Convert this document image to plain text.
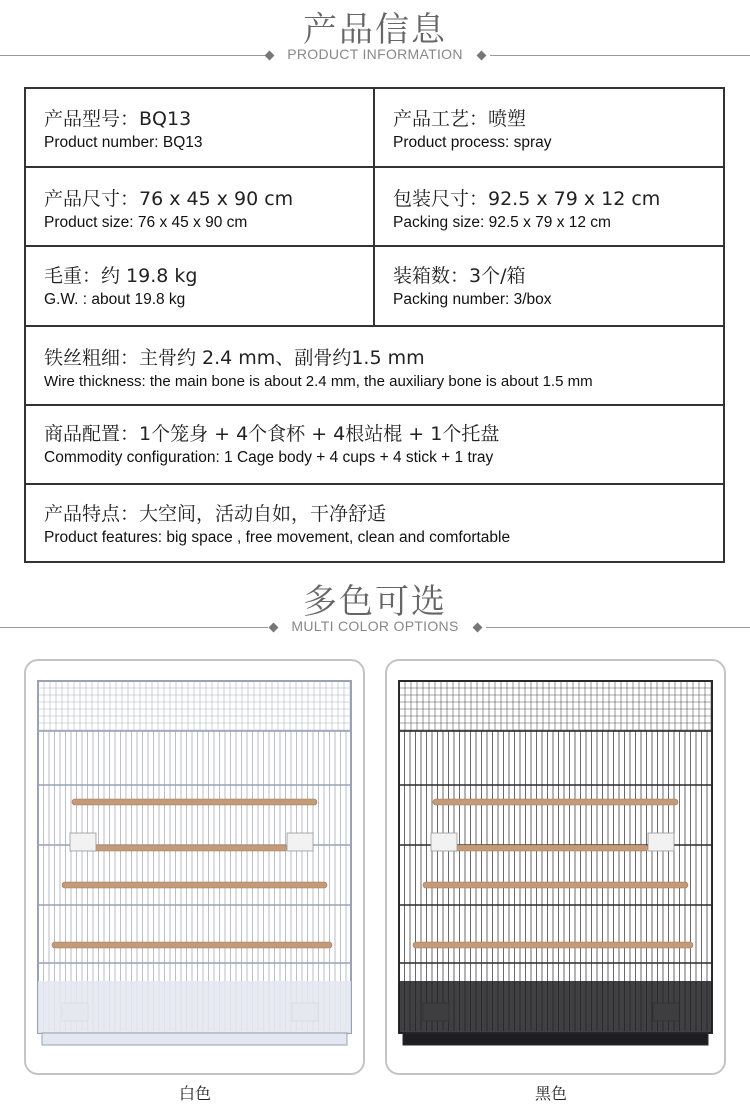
产品信息
PRODUCT INFORMATION
产品型号：BQ13
Product number: BQ13
产品工艺：喷塑
Product process: spray
产品尺寸：76 x 45 x 90 cm
Product size: 76 x 45 x 90 cm
包装尺寸：92.5 x 79 x 12 cm
Packing size: 92.5 x 79 x 12 cm
毛重：约 19.8 kg
G.W. : about 19.8 kg
装箱数：3个/箱
Packing number: 3/box
铁丝粗细：主骨约 2.4 mm、副骨约1.5 mm
Wire thickness: the main bone is about 2.4 mm, the auxiliary bone is about 1.5 mm
商品配置：1个笼身 + 4个食杯 + 4根站棍 + 1个托盘
Commodity configuration: 1 Cage body + 4 cups + 4 stick + 1 tray
产品特点：大空间，活动自如，干净舒适
Product features: big space , free movement, clean and comfortable
多色可选
MULTI COLOR OPTIONS
白色	黑色
